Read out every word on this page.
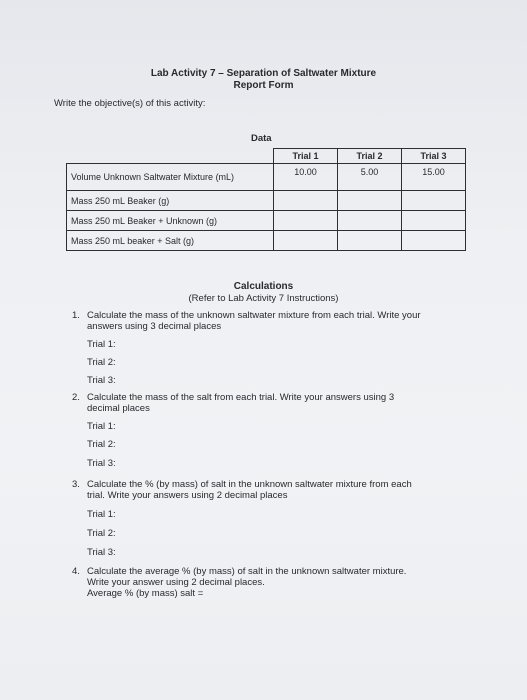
Lab Activity 7 – Separation of Saltwater Mixture
Report Form
Write the objective(s) of this activity:
Data
	Trial 1	Trial 2	Trial 3
Volume Unknown Saltwater Mixture (mL)	10.00	5.00	15.00
Mass 250 mL Beaker (g)			
Mass 250 mL Beaker + Unknown (g)			
Mass 250 mL beaker + Salt (g)			
Calculations
(Refer to Lab Activity 7 Instructions)
1. Calculate the mass of the unknown saltwater mixture from each trial. Write your
answers using 3 decimal places
Trial 1:
Trial 2:
Trial 3:
2. Calculate the mass of the salt from each trial. Write your answers using 3
decimal places
Trial 1:
Trial 2:
Trial 3:
3. Calculate the % (by mass) of salt in the unknown saltwater mixture from each
trial. Write your answers using 2 decimal places
Trial 1:
Trial 2:
Trial 3:
4. Calculate the average % (by mass) of salt in the unknown saltwater mixture.
Write your answer using 2 decimal places.
Average % (by mass) salt =
